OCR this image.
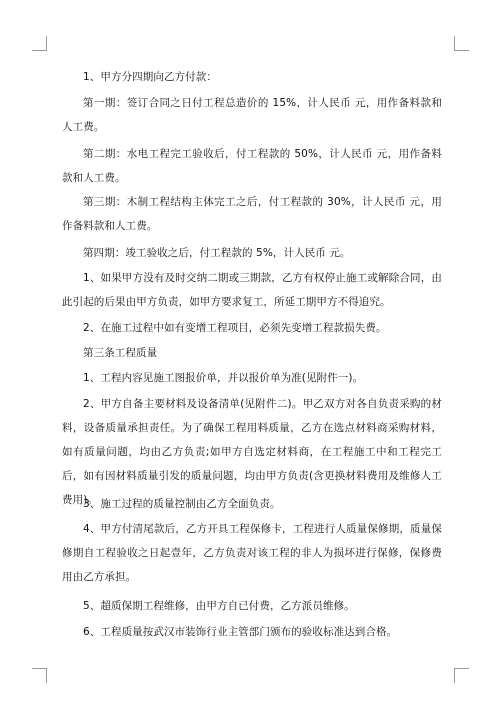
1、甲方分四期向乙方付款：

第一期：签订合同之日付工程总造价的 15%，计人民币 元，用作备料款和人工费。

第二期：水电工程完工验收后，付工程款的 50%，计人民币 元，用作备料款和人工费。

第三期：木制工程结构主体完工之后，付工程款的 30%，计人民币 元，用作备料款和人工费。

第四期：竣工验收之后，付工程款的 5%，计人民币 元。

1、如果甲方没有及时交纳二期或三期款，乙方有权停止施工或解除合同，由此引起的后果由甲方负责，如甲方要求复工，所延工期甲方不得追究。

2、在施工过程中如有变增工程项目，必须先变增工程款损失费。

第三条工程质量

1、工程内容见施工图报价单，并以报价单为准(见附件一)。

2、甲方自备主要材料及设备清单(见附件二)。甲乙双方对各自负责采购的材料，设备质量承担责任。为了确保工程用料质量，乙方在选点材料商采购材料，如有质量问题，均由乙方负责;如甲方自选定材料商，在工程施工中和工程完工后，如有因材料质量引发的质量问题，均由甲方负责(含更换材料费用及维修人工费用)。

3、施工过程的质量控制由乙方全面负责。

4、甲方付清尾款后，乙方开具工程保修卡，工程进行人质量保修期，质量保修期自工程验收之日起壹年，乙方负责对该工程的非人为损坏进行保修，保修费用由乙方承担。

5、超质保期工程维修，由甲方自已付费，乙方派员维修。

6、工程质量按武汉市装饰行业主管部门颁布的验收标准达到合格。
